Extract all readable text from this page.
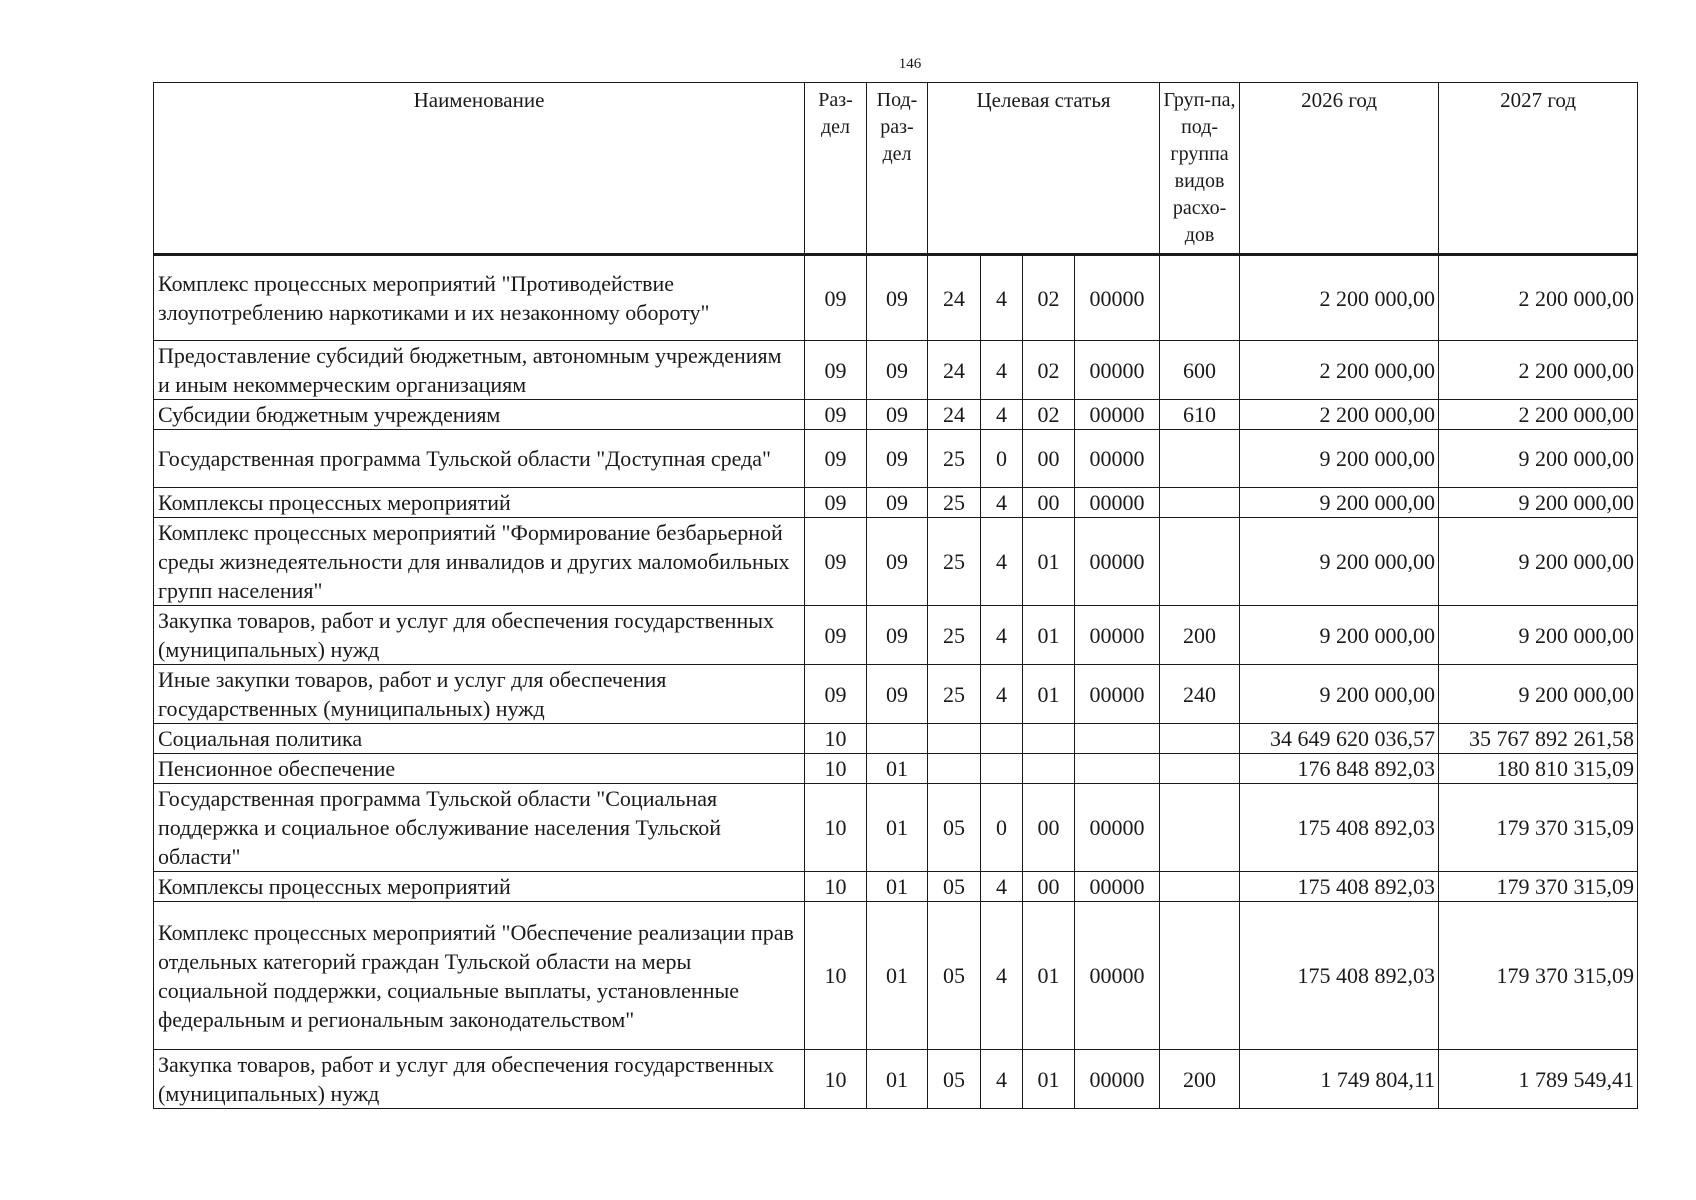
146
Наименование	Раз-дел	Под-раз-дел	Целевая статья				Груп-па, под-группа видов расхо-дов	2026 год	2027 год
Комплекс процессных мероприятий "Противодействие злоупотреблению наркотиками и их незаконному обороту"	09	09	24	4	02	00000		2 200 000,00	2 200 000,00
Предоставление субсидий бюджетным, автономным учреждениям и иным некоммерческим организациям	09	09	24	4	02	00000	600	2 200 000,00	2 200 000,00
Субсидии бюджетным учреждениям	09	09	24	4	02	00000	610	2 200 000,00	2 200 000,00
Государственная программа Тульской области "Доступная среда"	09	09	25	0	00	00000		9 200 000,00	9 200 000,00
Комплексы процессных мероприятий	09	09	25	4	00	00000		9 200 000,00	9 200 000,00
Комплекс процессных мероприятий "Формирование безбарьерной среды жизнедеятельности для инвалидов и других маломобильных групп населения"	09	09	25	4	01	00000		9 200 000,00	9 200 000,00
Закупка товаров, работ и услуг для обеспечения государственных (муниципальных) нужд	09	09	25	4	01	00000	200	9 200 000,00	9 200 000,00
Иные закупки товаров, работ и услуг для обеспечения государственных (муниципальных) нужд	09	09	25	4	01	00000	240	9 200 000,00	9 200 000,00
Социальная политика	10							34 649 620 036,57	35 767 892 261,58
Пенсионное обеспечение	10	01						176 848 892,03	180 810 315,09
Государственная программа Тульской области "Социальная поддержка и социальное обслуживание населения Тульской области"	10	01	05	0	00	00000		175 408 892,03	179 370 315,09
Комплексы процессных мероприятий	10	01	05	4	00	00000		175 408 892,03	179 370 315,09
Комплекс процессных мероприятий "Обеспечение реализации прав отдельных категорий граждан Тульской области на меры социальной поддержки, социальные выплаты, установленные федеральным и региональным законодательством"	10	01	05	4	01	00000		175 408 892,03	179 370 315,09
Закупка товаров, работ и услуг для обеспечения государственных (муниципальных) нужд	10	01	05	4	01	00000	200	1 749 804,11	1 789 549,41
